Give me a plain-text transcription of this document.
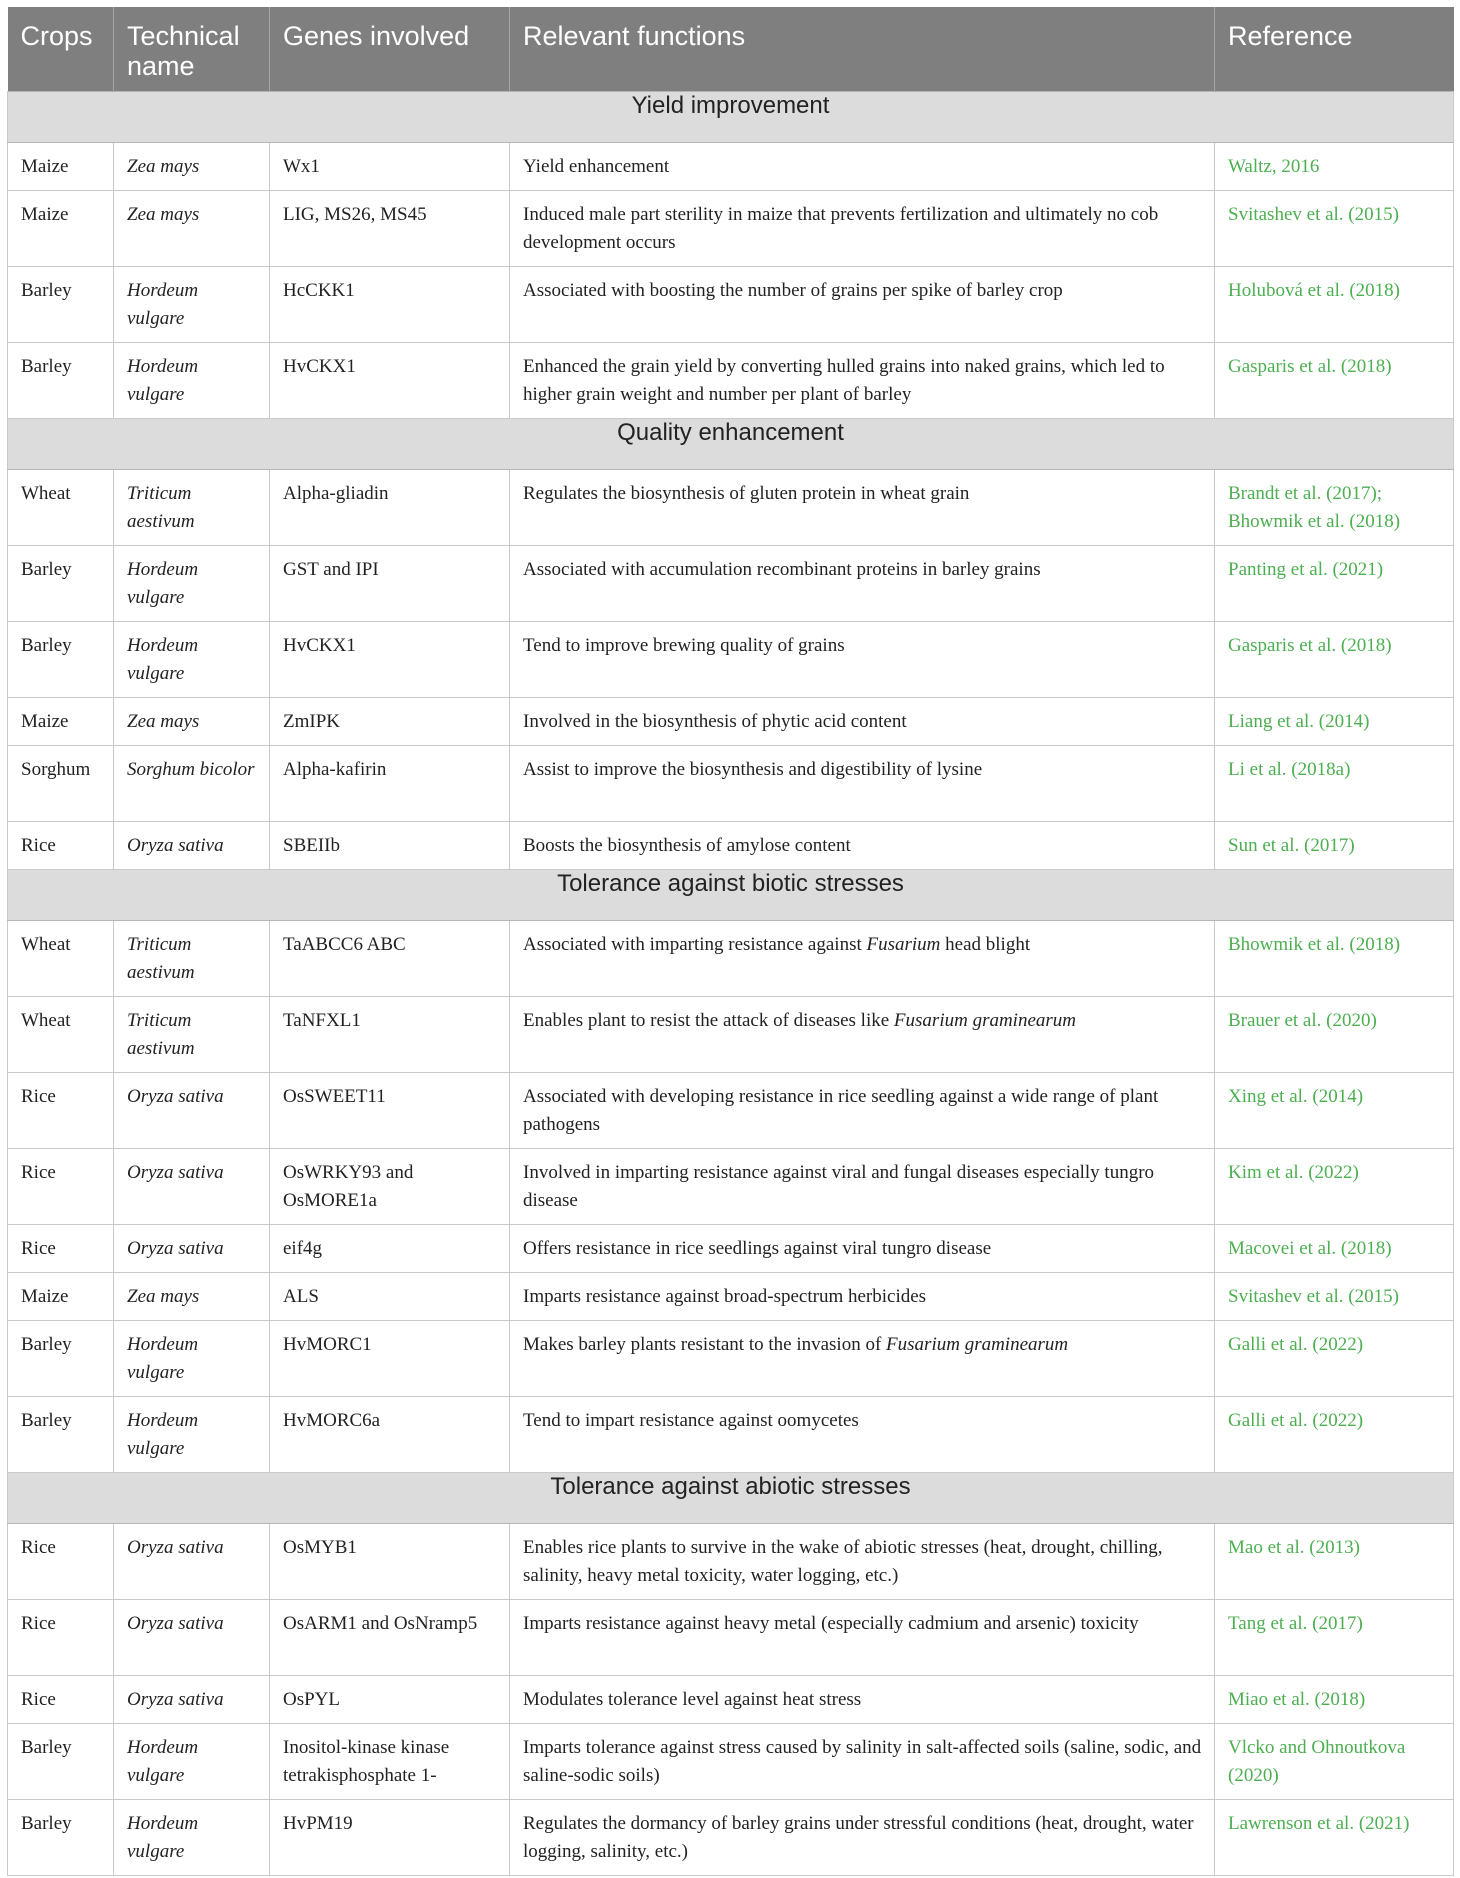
Crops	Technical name	Genes involved	Relevant functions	Reference
Yield improvement				
Maize	Zea mays	Wx1	Yield enhancement	Waltz, 2016
Maize	Zea mays	LIG, MS26, MS45	Induced male part sterility in maize that prevents fertilization and ultimately no cob development occurs	Svitashev et al. (2015)
Barley	Hordeum vulgare	HcCKK1	Associated with boosting the number of grains per spike of barley crop	Holubová et al. (2018)
Barley	Hordeum vulgare	HvCKX1	Enhanced the grain yield by converting hulled grains into naked grains, which led to higher grain weight and number per plant of barley	Gasparis et al. (2018)
Quality enhancement				
Wheat	Triticum aestivum	Alpha-gliadin	Regulates the biosynthesis of gluten protein in wheat grain	Brandt et al. (2017); Bhowmik et al. (2018)
Barley	Hordeum vulgare	GST and IPI	Associated with accumulation recombinant proteins in barley grains	Panting et al. (2021)
Barley	Hordeum vulgare	HvCKX1	Tend to improve brewing quality of grains	Gasparis et al. (2018)
Maize	Zea mays	ZmIPK	Involved in the biosynthesis of phytic acid content	Liang et al. (2014)
Sorghum	Sorghum bicolor	Alpha-kafirin	Assist to improve the biosynthesis and digestibility of lysine	Li et al. (2018a)
Rice	Oryza sativa	SBEIIb	Boosts the biosynthesis of amylose content	Sun et al. (2017)
Tolerance against biotic stresses				
Wheat	Triticum aestivum	TaABCC6 ABC	Associated with imparting resistance against Fusarium head blight	Bhowmik et al. (2018)
Wheat	Triticum aestivum	TaNFXL1	Enables plant to resist the attack of diseases like Fusarium graminearum	Brauer et al. (2020)
Rice	Oryza sativa	OsSWEET11	Associated with developing resistance in rice seedling against a wide range of plant pathogens	Xing et al. (2014)
Rice	Oryza sativa	OsWRKY93 and OsMORE1a	Involved in imparting resistance against viral and fungal diseases especially tungro disease	Kim et al. (2022)
Rice	Oryza sativa	eif4g	Offers resistance in rice seedlings against viral tungro disease	Macovei et al. (2018)
Maize	Zea mays	ALS	Imparts resistance against broad-spectrum herbicides	Svitashev et al. (2015)
Barley	Hordeum vulgare	HvMORC1	Makes barley plants resistant to the invasion of Fusarium graminearum	Galli et al. (2022)
Barley	Hordeum vulgare	HvMORC6a	Tend to impart resistance against oomycetes	Galli et al. (2022)
Tolerance against abiotic stresses				
Rice	Oryza sativa	OsMYB1	Enables rice plants to survive in the wake of abiotic stresses (heat, drought, chilling, salinity, heavy metal toxicity, water logging, etc.)	Mao et al. (2013)
Rice	Oryza sativa	OsARM1 and OsNramp5	Imparts resistance against heavy metal (especially cadmium and arsenic) toxicity	Tang et al. (2017)
Rice	Oryza sativa	OsPYL	Modulates tolerance level against heat stress	Miao et al. (2018)
Barley	Hordeum vulgare	Inositol-kinase kinase tetrakisphosphate 1-	Imparts tolerance against stress caused by salinity in salt-affected soils (saline, sodic, and saline-sodic soils)	Vlcko and Ohnoutkova (2020)
Barley	Hordeum vulgare	HvPM19	Regulates the dormancy of barley grains under stressful conditions (heat, drought, water logging, salinity, etc.)	Lawrenson et al. (2021)
